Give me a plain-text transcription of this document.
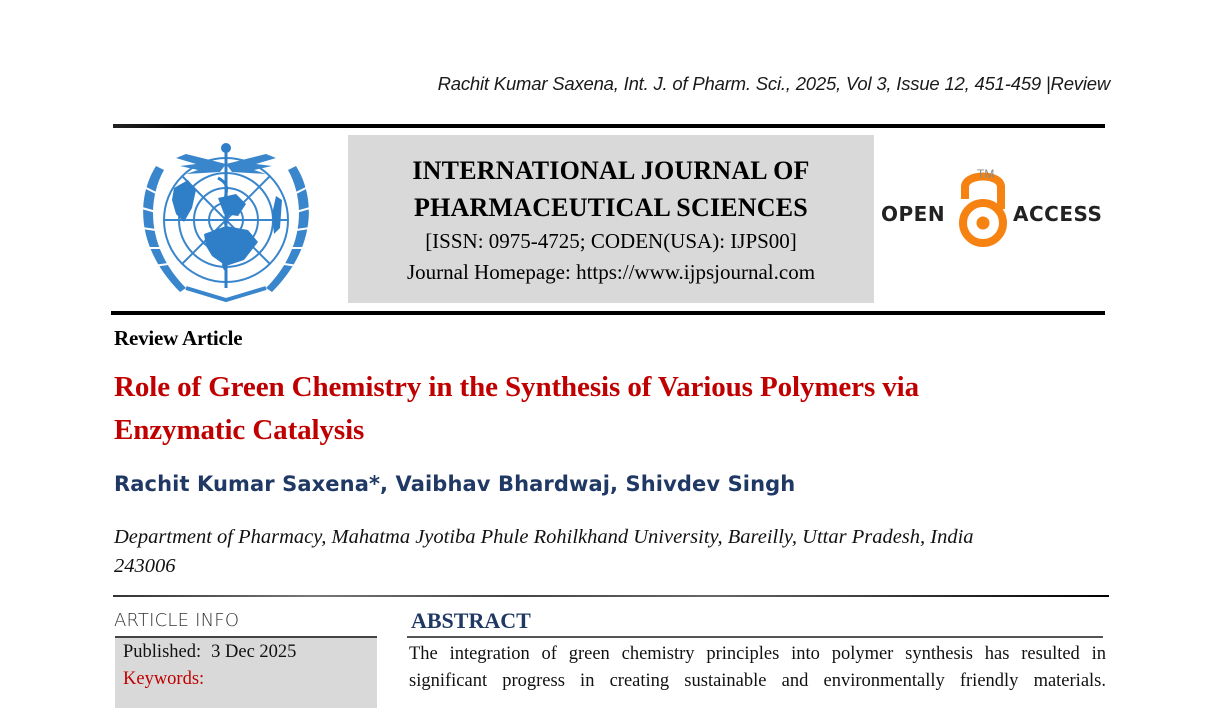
Rachit Kumar Saxena, Int. J. of Pharm. Sci., 2025, Vol 3, Issue 12, 451-459 |Review
INTERNATIONAL JOURNAL OF
PHARMACEUTICAL SCIENCES
[ISSN: 0975-4725; CODEN(USA): IJPS00]
Journal Homepage: https://www.ijpsjournal.com
OPEN
TM
ACCESS
Review Article
Role of Green Chemistry in the Synthesis of Various Polymers via
Enzymatic Catalysis
Rachit Kumar Saxena*, Vaibhav Bhardwaj, Shivdev Singh
Department of Pharmacy, Mahatma Jyotiba Phule Rohilkhand University, Bareilly, Uttar Pradesh, India
243006
ARTICLE INFO
Published: 3 Dec 2025
Keywords:
ABSTRACT
The integration of green chemistry principles into polymer synthesis has resulted in
significant progress in creating sustainable and environmentally friendly materials.
